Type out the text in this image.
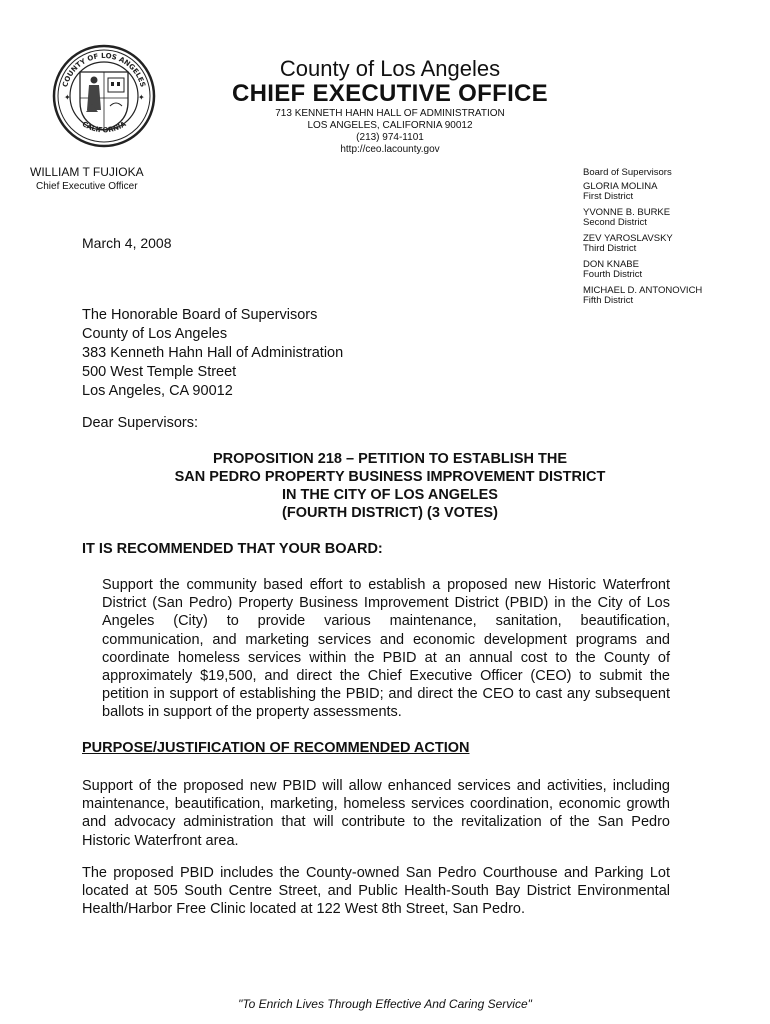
COUNTY OF LOS ANGELES
CALIFORNIA
✦	✦
County of Los Angeles
CHIEF EXECUTIVE OFFICE
713 KENNETH HAHN HALL OF ADMINISTRATION
LOS ANGELES, CALIFORNIA 90012
(213) 974-1101
http://ceo.lacounty.gov
WILLIAM T FUJIOKA
Chief Executive Officer
Board of Supervisors
GLORIA MOLINA
First District
YVONNE B. BURKE
Second District
ZEV YAROSLAVSKY
Third District
DON KNABE
Fourth District
MICHAEL D. ANTONOVICH
Fifth District
March 4, 2008
The Honorable Board of Supervisors
County of Los Angeles
383 Kenneth Hahn Hall of Administration
500 West Temple Street
Los Angeles, CA 90012
Dear Supervisors:
PROPOSITION 218 – PETITION TO ESTABLISH THE
SAN PEDRO PROPERTY BUSINESS IMPROVEMENT DISTRICT
IN THE CITY OF LOS ANGELES
(FOURTH DISTRICT) (3 VOTES)
IT IS RECOMMENDED THAT YOUR BOARD:
Support the community based effort to establish a proposed new Historic Waterfront District (San Pedro) Property Business Improvement District (PBID) in the City of Los Angeles (City) to provide various maintenance, sanitation, beautification, communication, and marketing services and economic development programs and coordinate homeless services within the PBID at an annual cost to the County of approximately $19,500, and direct the Chief Executive Officer (CEO) to submit the petition in support of establishing the PBID; and direct the CEO to cast any subsequent ballots in support of the property assessments.
PURPOSE/JUSTIFICATION OF RECOMMENDED ACTION
Support of the proposed new PBID will allow enhanced services and activities, including maintenance, beautification, marketing, homeless services coordination, economic growth and advocacy administration that will contribute to the revitalization of the San Pedro Historic Waterfront area.
The proposed PBID includes the County-owned San Pedro Courthouse and Parking Lot located at 505 South Centre Street, and Public Health-South Bay District Environmental Health/Harbor Free Clinic located at 122 West 8th Street, San Pedro.
"To Enrich Lives Through Effective And Caring Service"
